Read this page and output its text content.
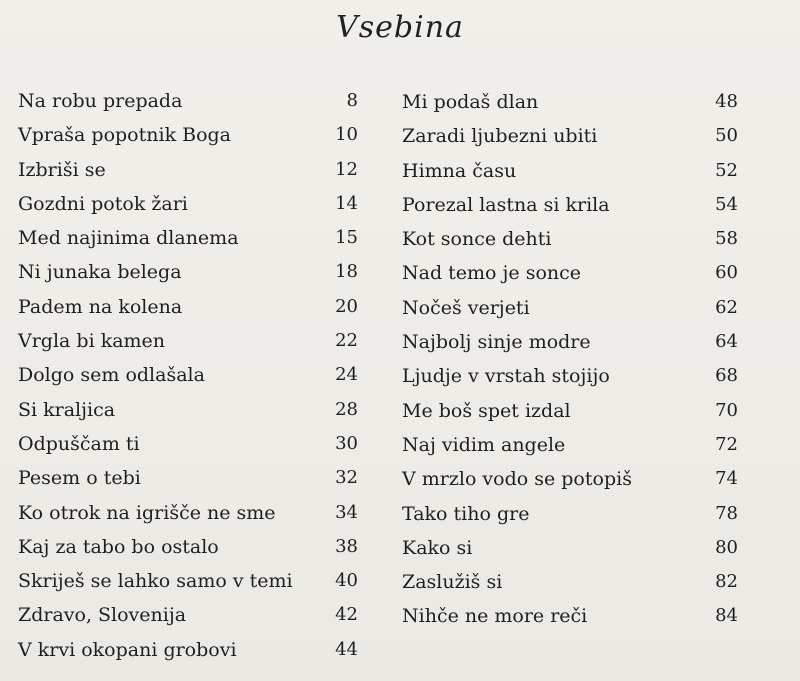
Vsebina
Na robu prepada	8
Vpraša popotnik Boga	10
Izbriši se	12
Gozdni potok žari	14
Med najinima dlanema	15
Ni junaka belega	18
Padem na kolena	20
Vrgla bi kamen	22
Dolgo sem odlašala	24
Si kraljica	28
Odpuščam ti	30
Pesem o tebi	32
Ko otrok na igrišče ne sme	34
Kaj za tabo bo ostalo	38
Skriješ se lahko samo v temi 40
Zdravo, Slovenija	42
V krvi okopani grobovi	44
Mi podaš dlan	48
Zaradi ljubezni ubiti	50
Himna času	52
Porezal lastna si krila	54
Kot sonce dehti	58
Nad temo je sonce	60
Nočeš verjeti	62
Najbolj sinje modre	64
Ljudje v vrstah stojijo	68
Me boš spet izdal	70
Naj vidim angele	72
V mrzlo vodo se potopiš	74
Tako tiho gre	78
Kako si	80
Zaslužiš si	82
Nihče ne more reči	84
